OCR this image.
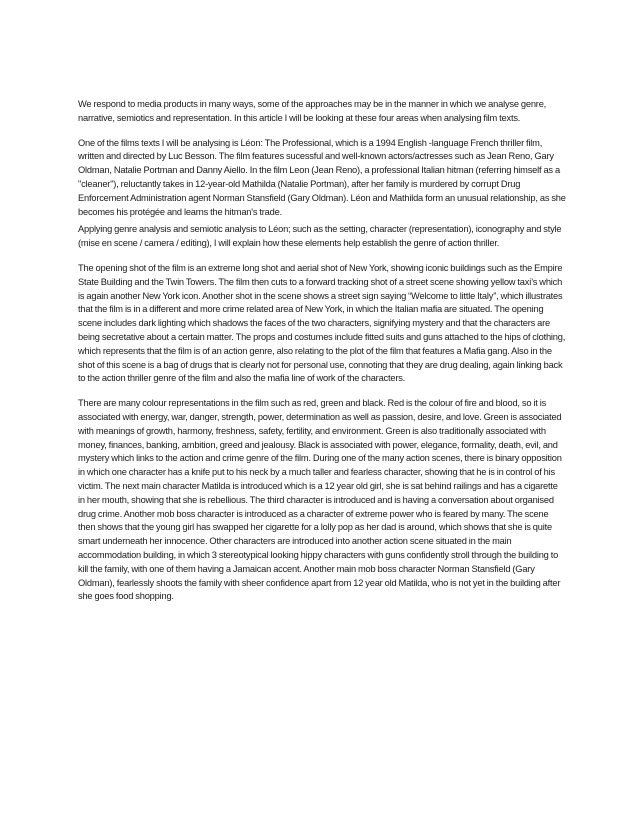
We respond to media products in many ways, some of the approaches may be in the manner in which we analyse genre, narrative, semiotics and representation. In this article I will be looking at these four areas when analysing film texts.

One of the films texts I will be analysing is Léon: The Professional, which is a 1994 English -language French thriller film, written and directed by Luc Besson. The film features sucessful and well-known actors/actresses such as Jean Reno, Gary Oldman, Natalie Portman and Danny Aiello. In the film Leon (Jean Reno), a professional Italian hitman (referring himself as a "cleaner"), reluctantly takes in 12-year-old Mathilda (Natalie Portman), after her family is murdered by corrupt Drug Enforcement Administration agent Norman Stansfield (Gary Oldman). Léon and Mathilda form an unusual relationship, as she becomes his protégée and learns the hitman's trade.

Applying genre analysis and semiotic analysis to Léon; such as the setting, character (representation), iconography and style (mise en scene / camera / editing), I will explain how these elements help establish the genre of action thriller.

The opening shot of the film is an extreme long shot and aerial shot of New York, showing iconic buildings such as the Empire State Building and the Twin Towers. The film then cuts to a forward tracking shot of a street scene showing yellow taxi’s which is again another New York icon. Another shot in the scene shows a street sign saying “Welcome to little Italy”, which illustrates that the film is in a different and more crime related area of New York, in which the Italian mafia are situated. The opening scene includes dark lighting which shadows the faces of the two characters, signifying mystery and that the characters are being secretative about a certain matter. The props and costumes include fitted suits and guns attached to the hips of clothing, which represents that the film is of an action genre, also relating to the plot of the film that features a Mafia gang. Also in the shot of this scene is a bag of drugs that is clearly not for personal use, connoting that they are drug dealing, again linking back to the action thriller genre of the film and also the mafia line of work of the characters.

There are many colour representations in the film such as red, green and black. Red is the colour of fire and blood, so it is associated with energy, war, danger, strength, power, determination as well as passion, desire, and love. Green is associated with meanings of growth, harmony, freshness, safety, fertility, and environment. Green is also traditionally associated with money, finances, banking, ambition, greed and jealousy. Black is associated with power, elegance, formality, death, evil, and mystery which links to the action and crime genre of the film. During one of the many action scenes, there is binary opposition in which one character has a knife put to his neck by a much taller and fearless character, showing that he is in control of his victim. The next main character Matilda is introduced which is a 12 year old girl, she is sat behind railings and has a cigarette in her mouth, showing that she is rebellious. The third character is introduced and is having a conversation about organised drug crime. Another mob boss character is introduced as a character of extreme power who is feared by many. The scene then shows that the young girl has swapped her cigarette for a lolly pop as her dad is around, which shows that she is quite smart underneath her innocence. Other characters are introduced into another action scene situated in the main accommodation building, in which 3 stereotypical looking hippy characters with guns confidently stroll through the building to kill the family, with one of them having a Jamaican accent. Another main mob boss character Norman Stansfield (Gary Oldman), fearlessly shoots the family with sheer confidence apart from 12 year old Matilda, who is not yet in the building after she goes food shopping.
